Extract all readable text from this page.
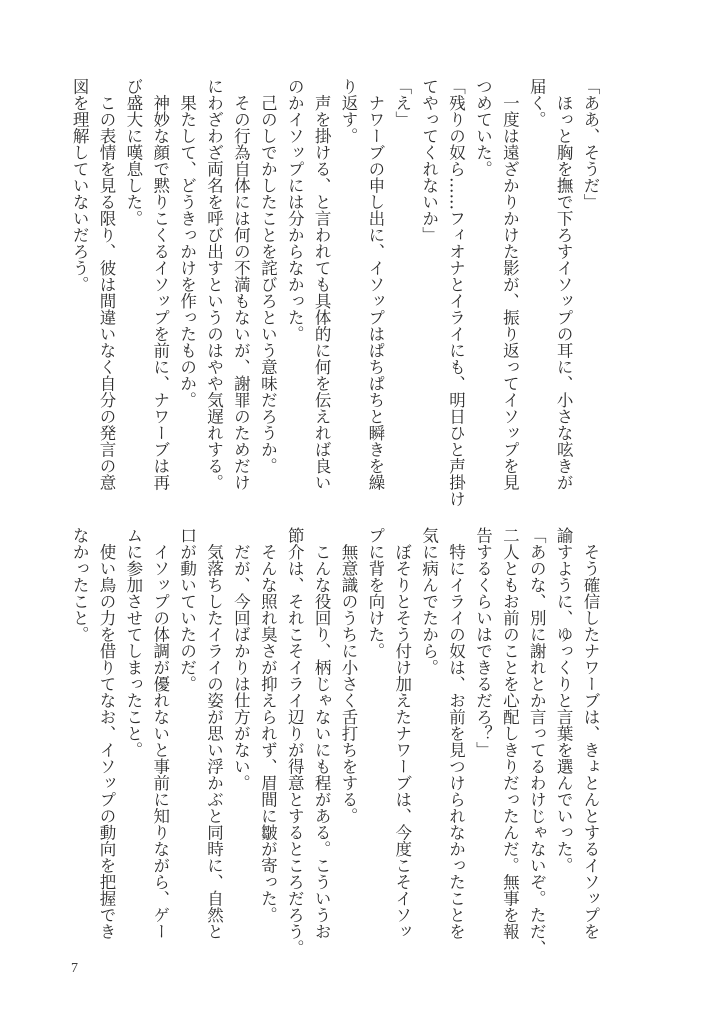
「ああ、そうだ」
　ほっと胸を撫で下ろすイソップの耳に、小さな呟きが
届く。
　一度は遠ざかりかけた影が、振り返ってイソップを見
つめていた。
「残りの奴ら……フィオナとイライにも、明日ひと声掛け
てやってくれないか」
「え」
　ナワーブの申し出に、イソップはぱちぱちと瞬きを繰
り返す。
　声を掛ける、と言われても具体的に何を伝えれば良い
のかイソップには分からなかった。
　己のしでかしたことを詫びろという意味だろうか。
　その行為自体には何の不満もないが、謝罪のためだけ
にわざわざ両名を呼び出すというのはやや気遅れする。
　果たして、どうきっかけを作ったものか。
　神妙な顔で黙りこくるイソップを前に、ナワーブは再
び盛大に嘆息した。
　この表情を見る限り、彼は間違いなく自分の発言の意
図を理解していないだろう。
　そう確信したナワーブは、きょとんとするイソップを
諭すように、ゆっくりと言葉を選んでいった。
「あのな、別に謝れとか言ってるわけじゃないぞ。ただ、
二人ともお前のことを心配しきりだったんだ。無事を報
告するくらいはできるだろ？」
　特にイライの奴は、お前を見つけられなかったことを
気に病んでたから。
　ぼそりとそう付け加えたナワーブは、今度こそイソッ
プに背を向けた。
　無意識のうちに小さく舌打ちをする。
　こんな役回り、柄じゃないにも程がある。こういうお
節介は、それこそイライ辺りが得意とするところだろう。
　そんな照れ臭さが抑えられず、眉間に皺が寄った。
　だが、今回ばかりは仕方がない。
　気落ちしたイライの姿が思い浮かぶと同時に、自然と
口が動いていたのだ。
　イソップの体調が優れないと事前に知りながら、ゲー
ムに参加させてしまったこと。
　使い鳥の力を借りてなお、イソップの動向を把握でき
なかったこと。
7
